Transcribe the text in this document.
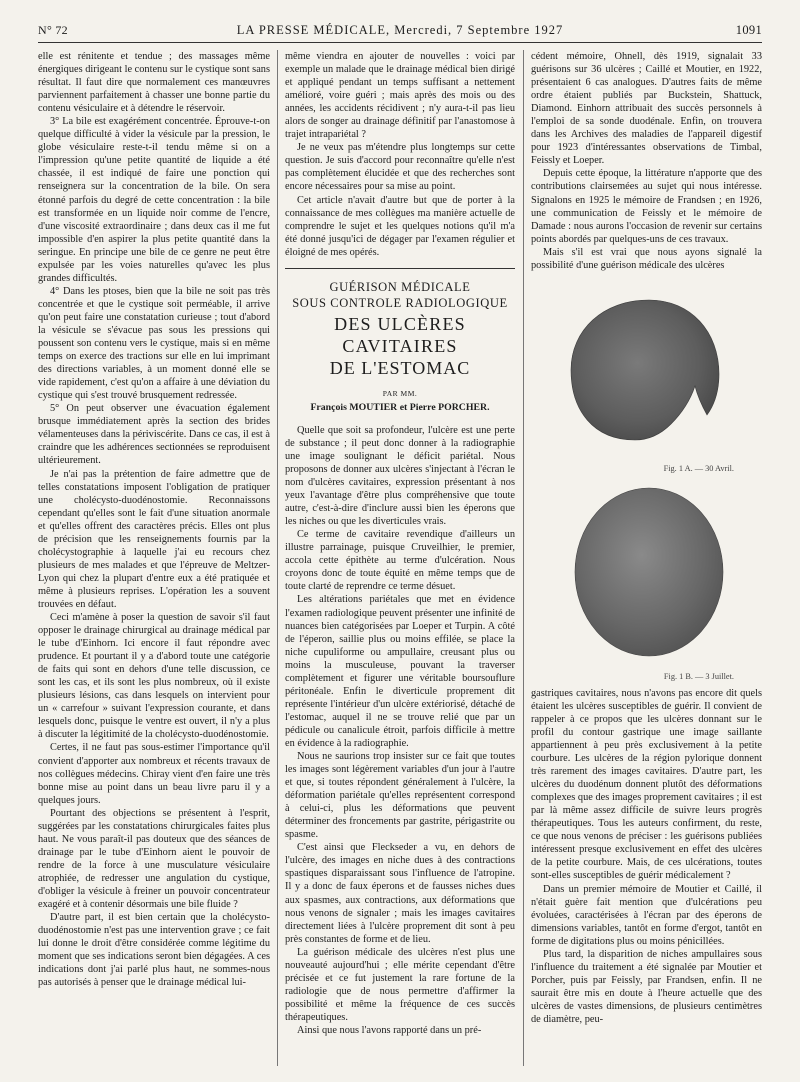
N° 72	LA PRESSE MÉDICALE, Mercredi, 7 Septembre 1927	1091

elle est rénitente et tendue ; des massages même énergiques dirigeant le contenu sur le cystique sont sans résultat. Il faut dire que normalement ces manœuvres parviennent parfaitement à chasser une bonne partie du contenu vésiculaire et à détendre le réservoir.

3° La bile est exagérément concentrée. Éprouve-t-on quelque difficulté à vider la vésicule par la pression, le globe vésiculaire reste-t-il tendu même si on a l'impression qu'une petite quantité de liquide a été chassée, il est indiqué de faire une ponction qui renseignera sur la concentration de la bile. On sera étonné parfois du degré de cette concentration : la bile est transformée en un liquide noir comme de l'encre, d'une viscosité extraordinaire ; dans deux cas il me fut impossible d'en aspirer la plus petite quantité dans la seringue. En principe une bile de ce genre ne peut être expulsée par les voies naturelles qu'avec les plus grandes difficultés.

4° Dans les ptoses, bien que la bile ne soit pas très concentrée et que le cystique soit perméable, il arrive qu'on peut faire une constatation curieuse ; tout d'abord la vésicule se s'évacue pas sous les pressions qui poussent son contenu vers le cystique, mais si en même temps on exerce des tractions sur elle en lui imprimant des directions variables, à un moment donné elle se vide rapidement, c'est qu'on a affaire à une déviation du cystique qui s'est trouvé brusquement redressée.

5° On peut observer une évacuation également brusque immédiatement après la section des brides vélamenteuses dans la périviscérite. Dans ce cas, il est à craindre que les adhérences sectionnées se reproduisent ultérieurement.

Je n'ai pas la prétention de faire admettre que de telles constatations imposent l'obligation de pratiquer une cholécysto-duodénostomie. Reconnaissons cependant qu'elles sont le fait d'une situation anormale et qu'elles offrent des caractères précis. Elles ont plus de précision que les renseignements fournis par la cholécystographie à laquelle j'ai eu recours chez plusieurs de mes malades et que l'épreuve de Meltzer-Lyon qui chez la plupart d'entre eux a été pratiquée et même à plusieurs reprises. L'opération les a souvent trouvées en défaut.

Ceci m'amène à poser la question de savoir s'il faut opposer le drainage chirurgical au drainage médical par le tube d'Einhorn. Ici encore il faut répondre avec prudence. Et pourtant il y a d'abord toute une catégorie de faits qui sont en dehors d'une telle discussion, ce sont les cas, et ils sont les plus nombreux, où il existe plusieurs lésions, cas dans lesquels on intervient pour un « carrefour » suivant l'expression courante, et dans lesquels donc, puisque le ventre est ouvert, il n'y a plus à discuter la légitimité de la cholécysto-duodénostomie.

Certes, il ne faut pas sous-estimer l'importance qu'il convient d'apporter aux nombreux et récents travaux de nos collègues médecins. Chiray vient d'en faire une très bonne mise au point dans un beau livre paru il y a quelques jours.

Pourtant des objections se présentent à l'esprit, suggérées par les constatations chirurgicales faites plus haut. Ne vous paraît-il pas douteux que des séances de drainage par le tube d'Einhorn aient le pouvoir de rendre de la force à une musculature vésiculaire atrophiée, de redresser une angulation du cystique, d'obliger la vésicule à freiner un pouvoir concentrateur exagéré et à contenir désormais une bile fluide ?

D'autre part, il est bien certain que la cholécysto-duodénostomie n'est pas une intervention grave ; ce fait lui donne le droit d'être considérée comme légitime du moment que ses indications seront bien dégagées. A ces indications dont j'ai parlé plus haut, ne sommes-nous pas autorisés à penser que le drainage médical lui-

même viendra en ajouter de nouvelles : voici par exemple un malade que le drainage médical bien dirigé et appliqué pendant un temps suffisant a nettement amélioré, voire guéri ; mais après des mois ou des années, les accidents récidivent ; n'y aura-t-il pas lieu alors de songer au drainage définitif par l'anastomose à trajet intrapariétal ?

Je ne veux pas m'étendre plus longtemps sur cette question. Je suis d'accord pour reconnaître qu'elle n'est pas complètement élucidée et que des recherches sont encore nécessaires pour sa mise au point.

Cet article n'avait d'autre but que de porter à la connaissance de mes collègues ma manière actuelle de comprendre le sujet et les quelques notions qu'il m'a été donné jusqu'ici de dégager par l'examen régulier et éloigné de mes opérés.

GUÉRISON MÉDICALE
SOUS CONTROLE RADIOLOGIQUE
DES ULCÈRES CAVITAIRES
DE L'ESTOMAC
PAR MM.
François MOUTIER et Pierre PORCHER.

Quelle que soit sa profondeur, l'ulcère est une perte de substance ; il peut donc donner à la radiographie une image soulignant le déficit pariétal. Nous proposons de donner aux ulcères s'injectant à l'écran le nom d'ulcères cavitaires, expression présentant à nos yeux l'avantage d'être plus compréhensive que toute autre, c'est-à-dire d'inclure aussi bien les éperons que les niches ou que les diverticules vrais.

Ce terme de cavitaire revendique d'ailleurs un illustre parrainage, puisque Cruveilhier, le premier, accola cette épithète au terme d'ulcération. Nous croyons donc de toute équité en même temps que de toute clarté de reprendre ce terme désuet.

Les altérations pariétales que met en évidence l'examen radiologique peuvent présenter une infinité de nuances bien catégorisées par Loeper et Turpin. A côté de l'éperon, saillie plus ou moins effilée, se place la niche cupuliforme ou ampullaire, creusant plus ou moins la musculeuse, pouvant la traverser complètement et figurer une véritable boursouflure péritonéale. Enfin le diverticule proprement dit représente l'intérieur d'un ulcère extériorisé, détaché de l'estomac, auquel il ne se trouve relié que par un pédicule ou canalicule étroit, parfois difficile à mettre en évidence à la radiographie.

Nous ne saurions trop insister sur ce fait que toutes les images sont légèrement variables d'un jour à l'autre et que, si toutes répondent généralement à l'ulcère, la déformation pariétale qu'elles représentent correspond à celui-ci, plus les déformations que peuvent déterminer des froncements par gastrite, périgastrite ou spasme.

C'est ainsi que Fleckseder a vu, en dehors de l'ulcère, des images en niche dues à des contractions spastiques disparaissant sous l'influence de l'atropine. Il y a donc de faux éperons et de fausses niches dues aux spasmes, aux contractions, aux déformations que nous venons de signaler ; mais les images cavitaires directement liées à l'ulcère proprement dit sont à peu près constantes de forme et de lieu.

La guérison médicale des ulcères n'est plus une nouveauté aujourd'hui ; elle mérite cependant d'être précisée et ce fut justement la rare fortune de la radiologie que de nous permettre d'affirmer la possibilité et même la fréquence de ces succès thérapeutiques.

Ainsi que nous l'avons rapporté dans un pré-

cédent mémoire, Ohnell, dès 1919, signalait 33 guérisons sur 36 ulcères ; Caillé et Moutier, en 1922, présentaient 6 cas analogues. D'autres faits de même ordre étaient publiés par Buckstein, Shattuck, Diamond. Einhorn attribuait des succès personnels à l'emploi de sa sonde duodénale. Enfin, on trouvera dans les Archives des maladies de l'appareil digestif pour 1923 d'intéressantes observations de Timbal, Feissly et Loeper.

Depuis cette époque, la littérature n'apporte que des contributions clairsemées au sujet qui nous intéresse. Signalons en 1925 le mémoire de Frandsen ; en 1926, une communication de Feissly et le mémoire de Damade : nous aurons l'occasion de revenir sur certains points abordés par quelques-uns de ces travaux.

Mais s'il est vrai que nous ayons signalé la possibilité d'une guérison médicale des ulcères

Fig. 1 A. — 30 Avril.
Fig. 1 B. — 3 Juillet.

gastriques cavitaires, nous n'avons pas encore dit quels étaient les ulcères susceptibles de guérir. Il convient de rappeler à ce propos que les ulcères donnant sur le profil du contour gastrique une image saillante appartiennent à peu près exclusivement à la petite courbure. Les ulcères de la région pylorique donnent très rarement des images cavitaires. D'autre part, les ulcères du duodénum donnent plutôt des déformations complexes que des images proprement cavitaires ; il est par là même assez difficile de suivre leurs progrès thérapeutiques. Tous les auteurs confirment, du reste, ce que nous venons de préciser : les guérisons publiées intéressent presque exclusivement en effet des ulcères de la petite courbure. Mais, de ces ulcérations, toutes sont-elles susceptibles de guérir médicalement ?

Dans un premier mémoire de Moutier et Caillé, il n'était guère fait mention que d'ulcérations peu évoluées, caractérisées à l'écran par des éperons de dimensions variables, tantôt en forme d'ergot, tantôt en forme de digitations plus ou moins pénicillées.

Plus tard, la disparition de niches ampullaires sous l'influence du traitement a été signalée par Moutier et Porcher, puis par Feissly, par Frandsen, enfin. Il ne saurait être mis en doute à l'heure actuelle que des ulcères de vastes dimensions, de plusieurs centimètres de diamètre, peu-
